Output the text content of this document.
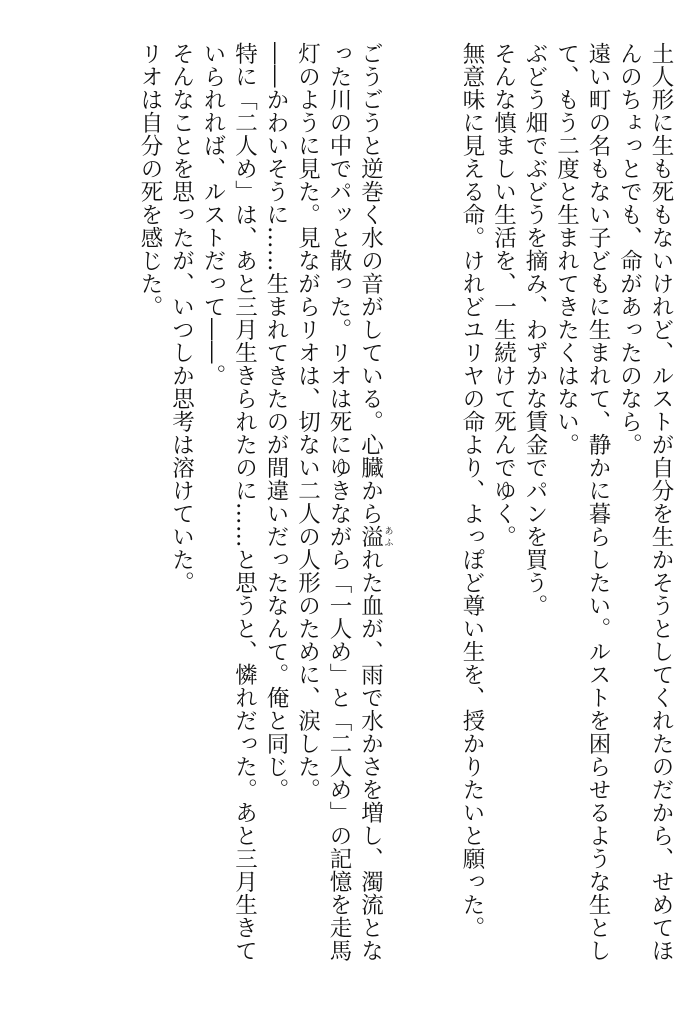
土人形に生も死もないけれど、ルストが自分を生かそうとしてくれたのだから、せめてほんのちょっとでも、命があったのなら。

遠い町の名もない子どもに生まれて、静かに暮らしたい。ルストを困らせるような生として、もう二度と生まれてきたくはない。

ぶどう畑でぶどうを摘み、わずかな賃金でパンを買う。

そんな慎ましい生活を、一生続けて死んでゆく。

無意味に見える命。けれどユリヤの命より、よっぽど尊い生を、授かりたいと願った。

ごうごうと逆巻く水の音がしている。心臓から溢 あふれた血が、雨で水かさを増し、濁流となった川の中でパッと散った。リオは死にゆきながら「一人め」と「二人め」の記憶を走馬灯のように見た。見ながらリオは、切ない二人の人形のために、涙した。

――かわいそうに……生まれてきたのが間違いだったなんて。俺と同じ。

特に「二人め」は、あと三月生きられたのに……と思うと、憐れだった。あと三月生きていられれば、ルストだって――。

そんなことを思ったが、いつしか思考は溶けていた。

リオは自分の死を感じた。
